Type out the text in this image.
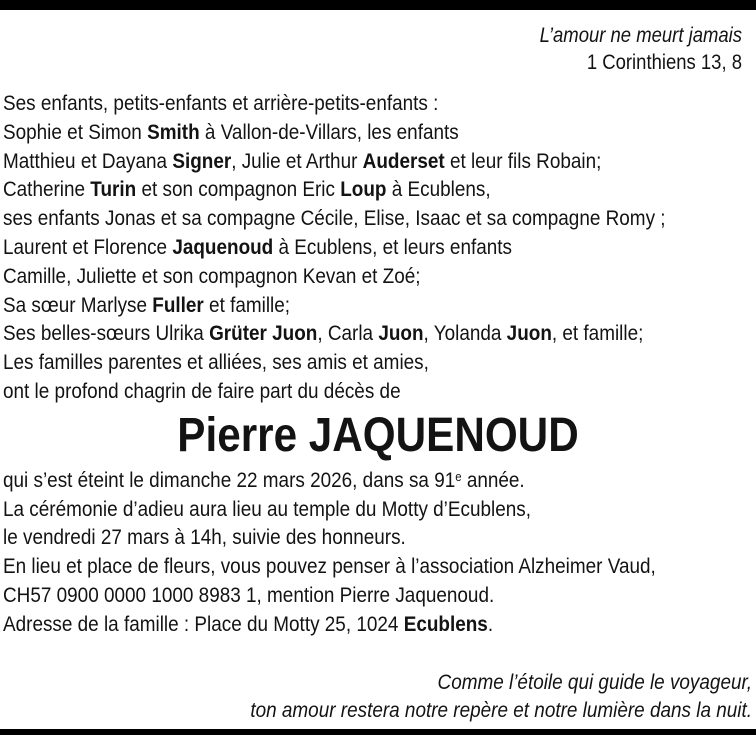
L’amour ne meurt jamais
1 Corinthiens 13, 8
Ses enfants, petits-enfants et arrière-petits-enfants :
Sophie et Simon Smith à Vallon-de-Villars, les enfants
Matthieu et Dayana Signer, Julie et Arthur Auderset et leur fils Robain;
Catherine Turin et son compagnon Eric Loup à Ecublens,
ses enfants Jonas et sa compagne Cécile, Elise, Isaac et sa compagne Romy ;
Laurent et Florence Jaquenoud à Ecublens, et leurs enfants
Camille, Juliette et son compagnon Kevan et Zoé;
Sa sœur Marlyse Fuller et famille;
Ses belles-sœurs Ulrika Grüter Juon, Carla Juon, Yolanda Juon, et famille;
Les familles parentes et alliées, ses amis et amies,
ont le profond chagrin de faire part du décès de
Pierre JAQUENOUD
qui s’est éteint le dimanche 22 mars 2026, dans sa 91e année.
La cérémonie d’adieu aura lieu au temple du Motty d’Ecublens,
le vendredi 27 mars à 14h, suivie des honneurs.
En lieu et place de fleurs, vous pouvez penser à l’association Alzheimer Vaud,
CH57 0900 0000 1000 8983 1, mention Pierre Jaquenoud.
Adresse de la famille : Place du Motty 25, 1024 Ecublens.
Comme l’étoile qui guide le voyageur,
ton amour restera notre repère et notre lumière dans la nuit.
